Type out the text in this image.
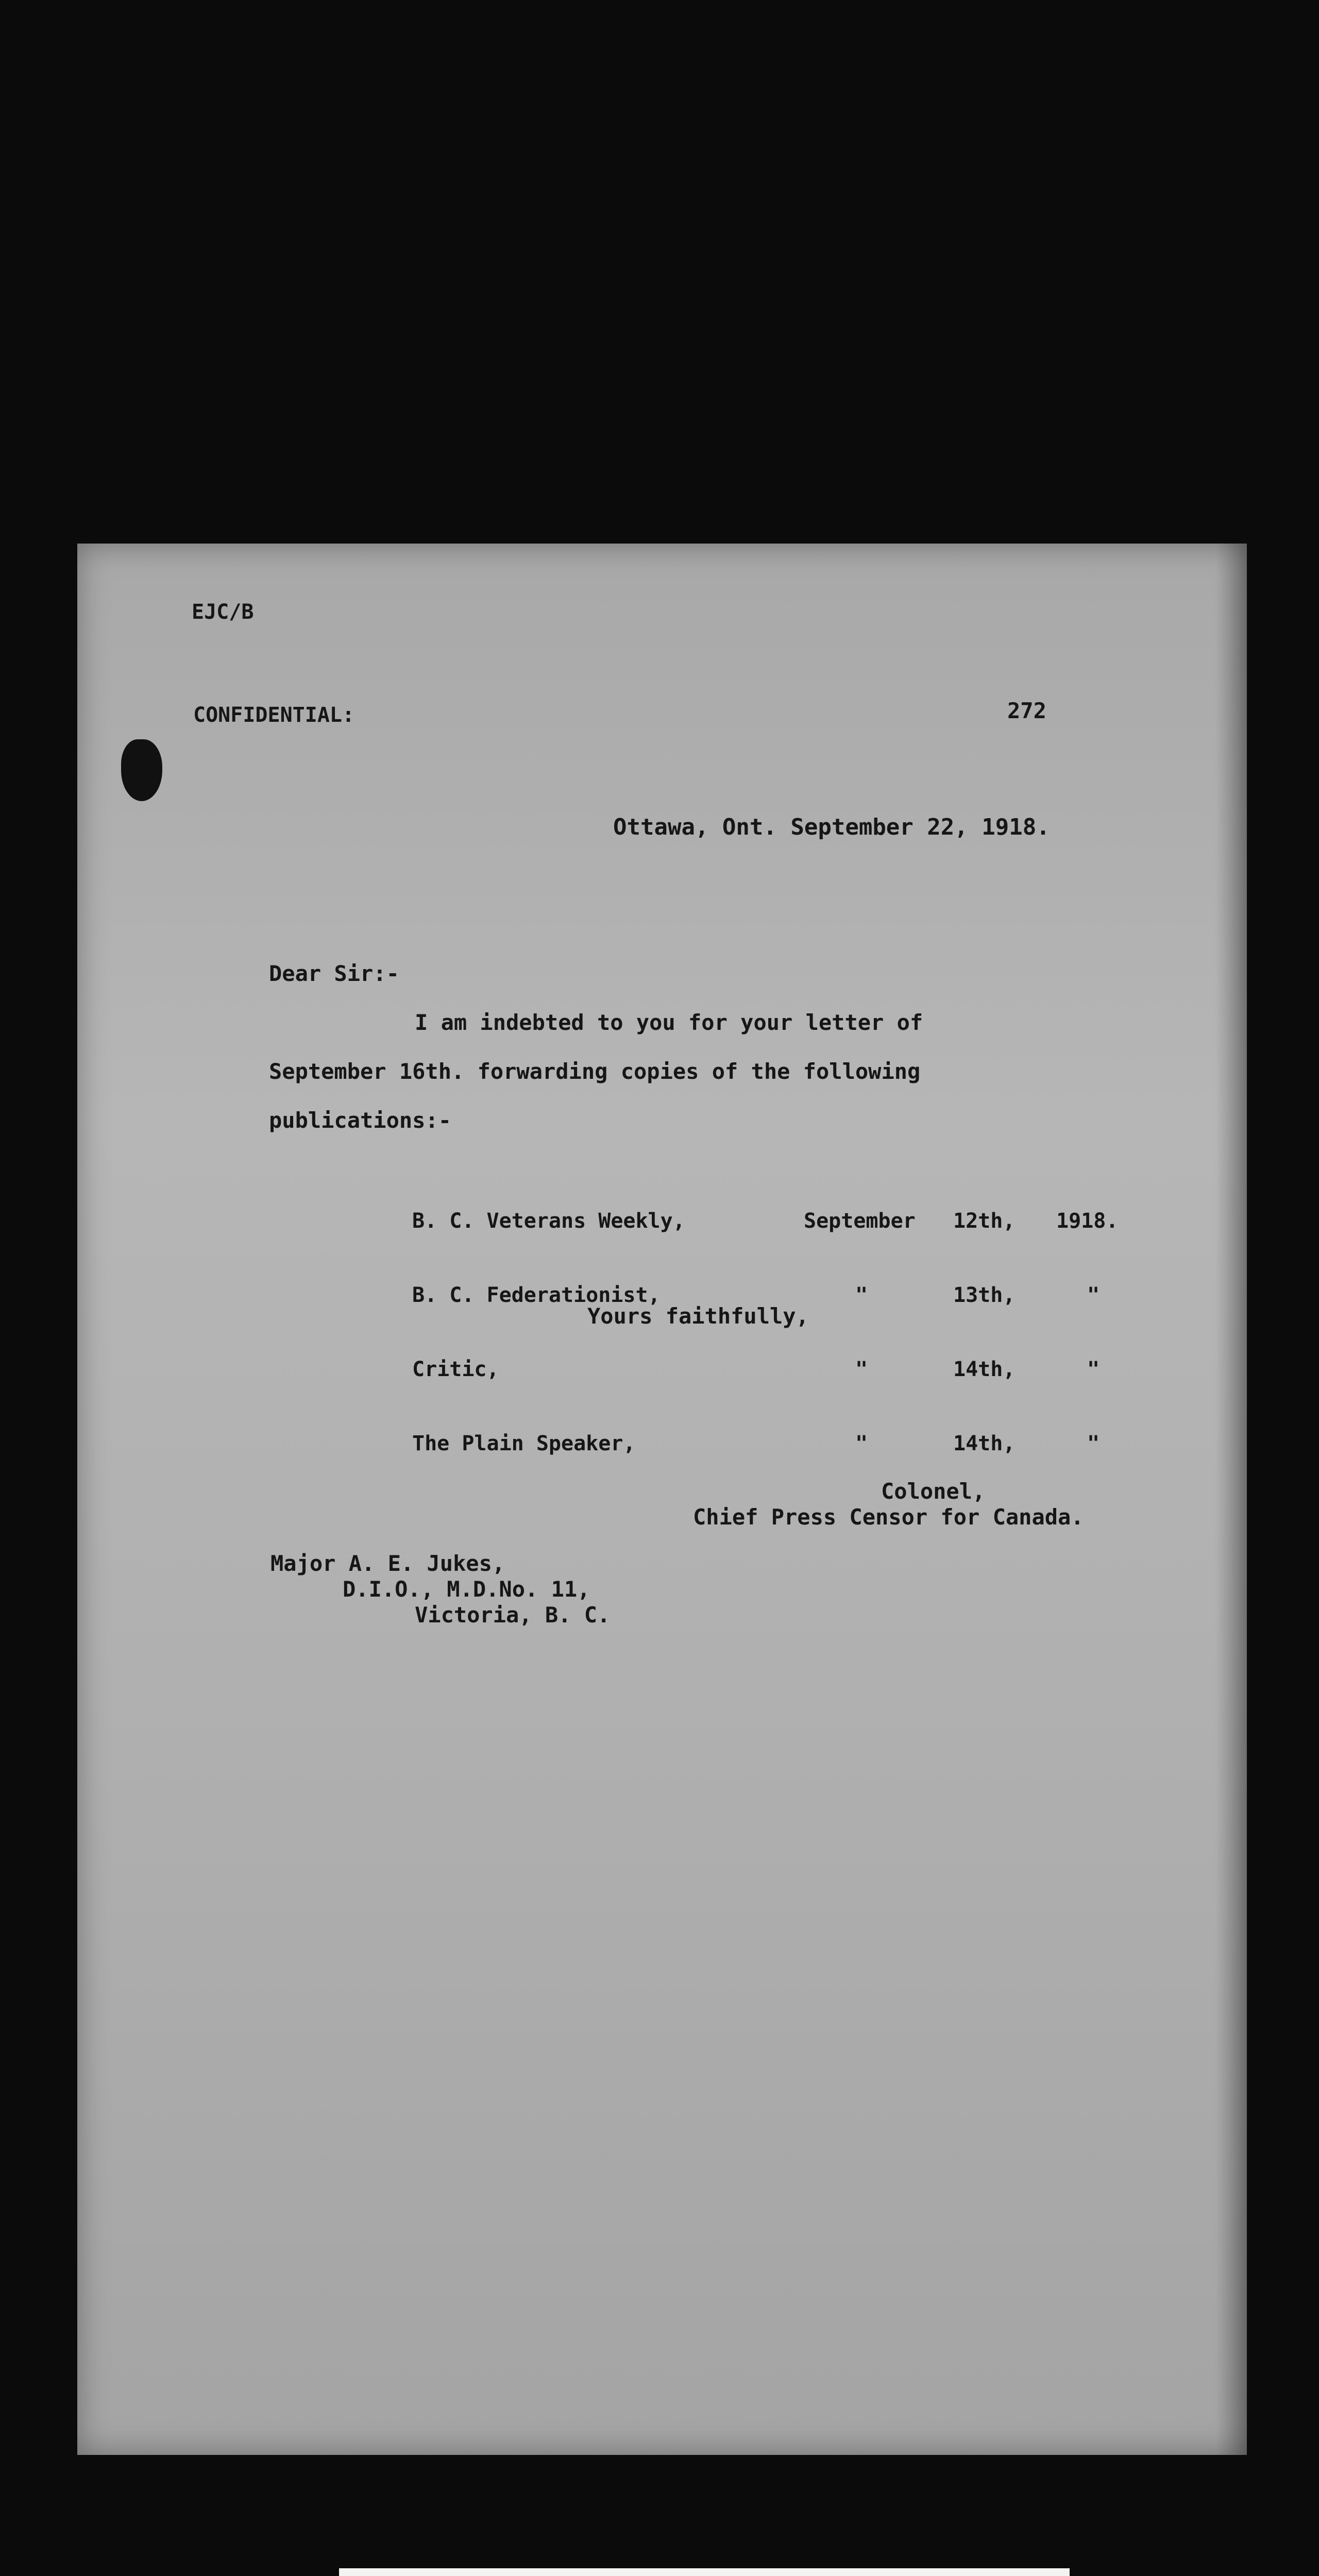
EJC/B
CONFIDENTIAL:	272
Ottawa, Ont. September 22, 1918.
Dear Sir:-
I am indebted to you for your letter of
September 16th. forwarding copies of the following
publications:-

B. C. Veterans Weekly,	September	12th,	1918.

B. C. Federationist,	"	13th,	"

Critic,	"	14th,	"

The Plain Speaker,	"	14th,	"

Yours faithfully,
Colonel,
Chief Press Censor for Canada.
Major A. E. Jukes,
D.I.O., M.D.No. 11,
Victoria, B. C.
